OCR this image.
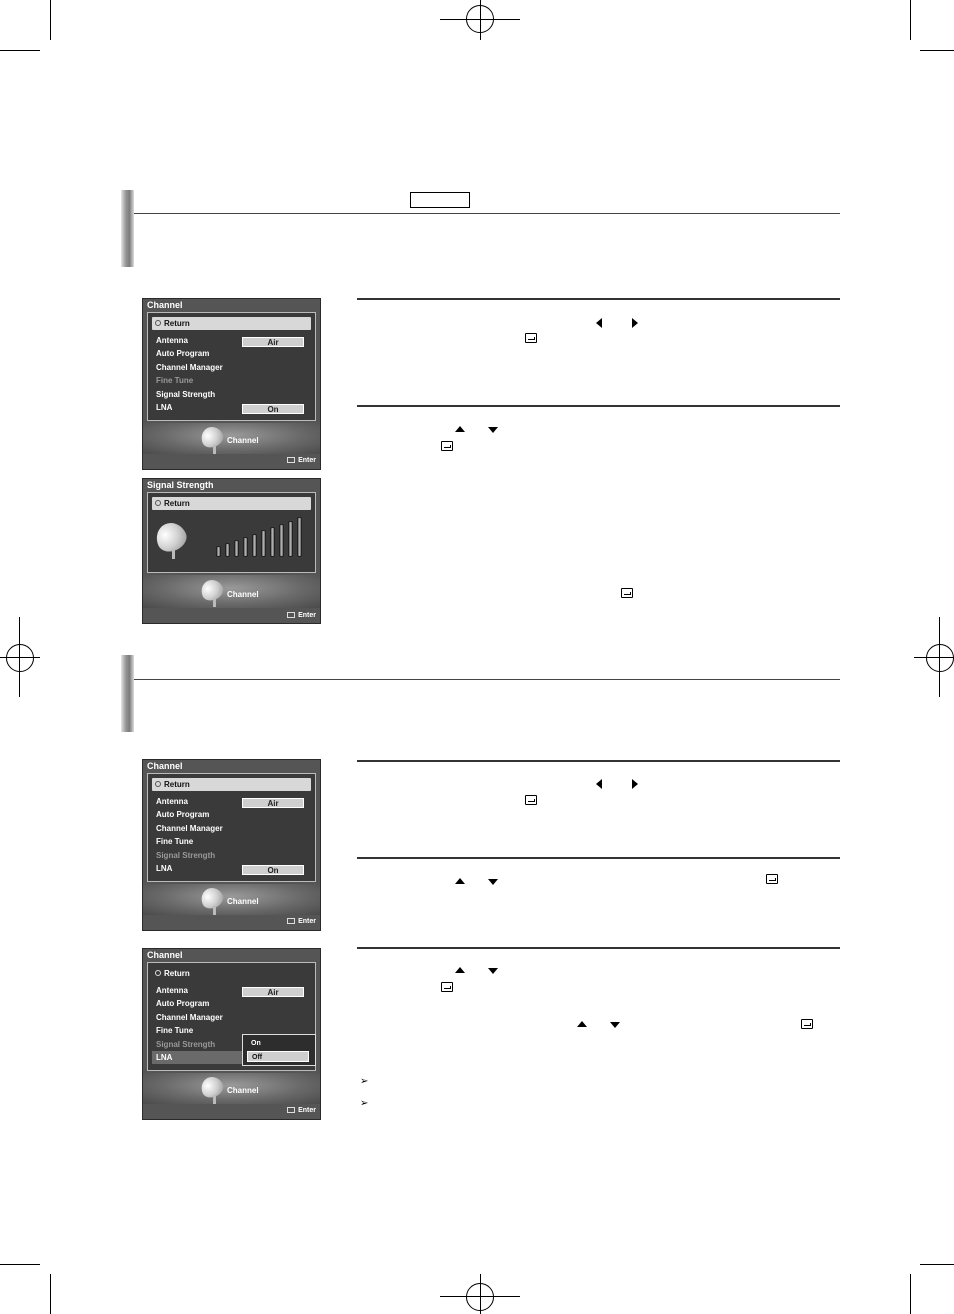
➢
➢
Channel
Return
Antenna	Air
Auto Program
Channel Manager
Fine Tune
Signal Strength
LNA	On
Channel
Enter
Signal Strength
Return
Channel
Enter
Channel
Return
Antenna	Air
Auto Program
Channel Manager
Fine Tune
Signal Strength
LNA	On
Channel
Enter
Channel
Return
Antenna	Air
Auto Program
Channel Manager
Fine Tune
Signal Strength
LNA
On
Off
Channel
Enter
